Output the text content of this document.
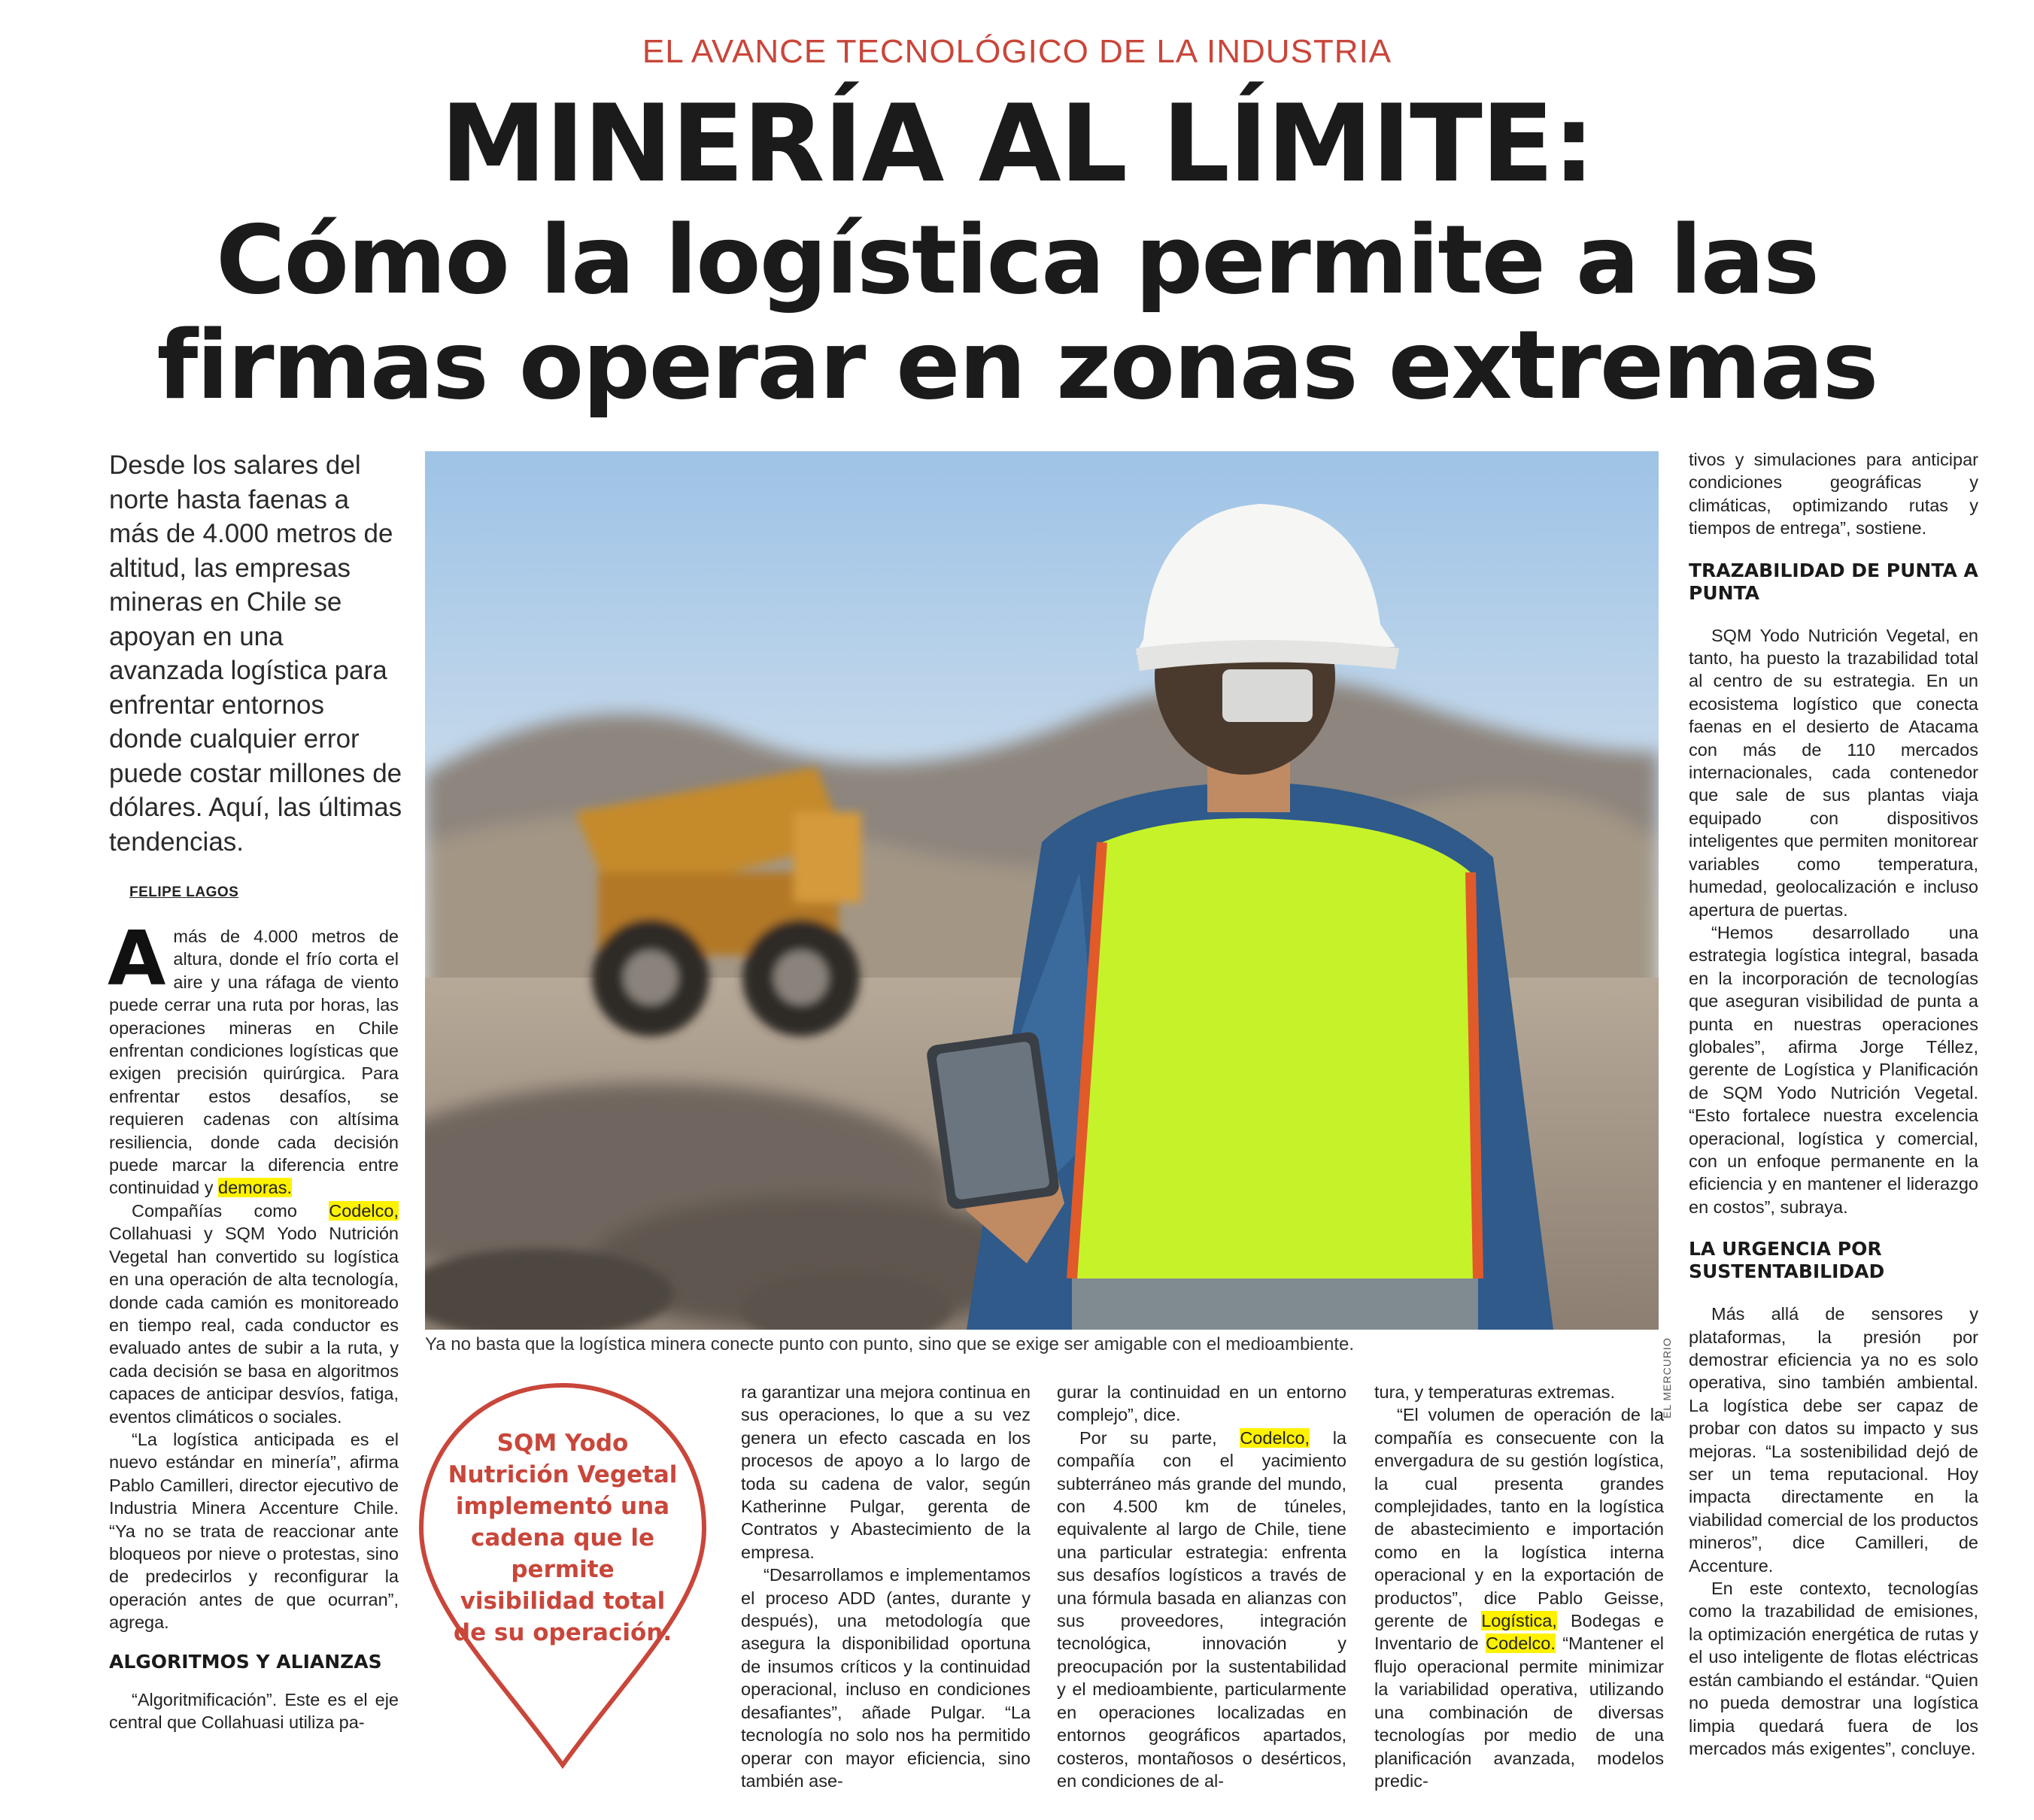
EL AVANCE TECNOLÓGICO DE LA INDUSTRIA
MINERÍA AL LÍMITE:
Cómo la logística permite a las
firmas operar en zonas extremas
Desde los salares del norte hasta faenas a más de 4.000 metros de altitud, las empresas mineras en Chile se apoyan en una avanzada logística para enfrentar entornos donde cualquier error puede costar millones de dólares. Aquí, las últimas tendencias.
FELIPE LAGOS

Amás de 4.000 metros de altura, donde el frío corta el aire y una ráfaga de viento puede cerrar una ruta por horas, las operaciones mineras en Chile enfrentan condiciones logísticas que exigen precisión quirúrgica. Para enfrentar estos desafíos, se requieren cadenas con altísima resiliencia, donde cada decisión puede marcar la diferencia entre continuidad y demoras.

Compañías como Codelco, Collahuasi y SQM Yodo Nutrición Vegetal han convertido su logística en una operación de alta tecnología, donde cada camión es monitoreado en tiempo real, cada conductor es evaluado antes de subir a la ruta, y cada decisión se basa en algoritmos capaces de anticipar desvíos, fatiga, eventos climáticos o sociales.

“La logística anticipada es el nuevo estándar en minería”, afirma Pablo Camilleri, director ejecutivo de Industria Minera Accenture Chile. “Ya no se trata de reaccionar ante bloqueos por nieve o protestas, sino de predecirlos y reconfigurar la operación antes de que ocurran”, agrega.

ALGORITMOS Y ALIANZAS

“Algoritmificación”. Este es el eje central que Collahuasi utiliza pa-

Ya no basta que la logística minera conecte punto con punto, sino que se exige ser amigable con el medioambiente.	EL MERCURIO
SQM Yodo Nutrición Vegetal implementó una cadena que le permite visibilidad total de su operación.

ra garantizar una mejora continua en sus operaciones, lo que a su vez genera un efecto cascada en los procesos de apoyo a lo largo de toda su cadena de valor, según Katherinne Pulgar, gerenta de Contratos y Abastecimiento de la empresa.

“Desarrollamos e implementamos el proceso ADD (antes, durante y después), una metodología que asegura la disponibilidad oportuna de insumos críticos y la continuidad operacional, incluso en condiciones desafiantes”, añade Pulgar. “La tecnología no solo nos ha permitido operar con mayor eficiencia, sino también ase-

gurar la continuidad en un entorno complejo”, dice.

Por su parte, Codelco, la compañía con el yacimiento subterráneo más grande del mundo, con 4.500 km de túneles, equivalente al largo de Chile, tiene una particular estrategia: enfrenta sus desafíos logísticos a través de una fórmula basada en alianzas con sus proveedores, integración tecnológica, innovación y preocupación por la sustentabilidad y el medioambiente, particularmente en operaciones localizadas en entornos geográficos apartados, costeros, montañosos o desérticos, en condiciones de al-

tura, y temperaturas extremas.

“El volumen de operación de la compañía es consecuente con la envergadura de su gestión logística, la cual presenta grandes complejidades, tanto en la logística de abastecimiento e importación como en la logística interna operacional y en la exportación de productos”, dice Pablo Geisse, gerente de Logística, Bodegas e Inventario de Codelco. “Mantener el flujo operacional permite minimizar la variabilidad operativa, utilizando una combinación de diversas tecnologías por medio de una planificación avanzada, modelos predic-

tivos y simulaciones para anticipar condiciones geográficas y climáticas, optimizando rutas y tiempos de entrega”, sostiene.

TRAZABILIDAD DE PUNTA A PUNTA

SQM Yodo Nutrición Vegetal, en tanto, ha puesto la trazabilidad total al centro de su estrategia. En un ecosistema logístico que conecta faenas en el desierto de Atacama con más de 110 mercados internacionales, cada contenedor que sale de sus plantas viaja equipado con dispositivos inteligentes que permiten monitorear variables como temperatura, humedad, geolocalización e incluso apertura de puertas.

“Hemos desarrollado una estrategia logística integral, basada en la incorporación de tecnologías que aseguran visibilidad de punta a punta en nuestras operaciones globales”, afirma Jorge Téllez, gerente de Logística y Planificación de SQM Yodo Nutrición Vegetal. “Esto fortalece nuestra excelencia operacional, logística y comercial, con un enfoque permanente en la eficiencia y en mantener el liderazgo en costos”, subraya.

LA URGENCIA POR SUSTENTABILIDAD

Más allá de sensores y plataformas, la presión por demostrar eficiencia ya no es solo operativa, sino también ambiental. La logística debe ser capaz de probar con datos su impacto y sus mejoras. “La sostenibilidad dejó de ser un tema reputacional. Hoy impacta directamente en la viabilidad comercial de los productos mineros”, dice Camilleri, de Accenture.

En este contexto, tecnologías como la trazabilidad de emisiones, la optimización energética de rutas y el uso inteligente de flotas eléctricas están cambiando el estándar. “Quien no pueda demostrar una logística limpia quedará fuera de los mercados más exigentes”, concluye.
